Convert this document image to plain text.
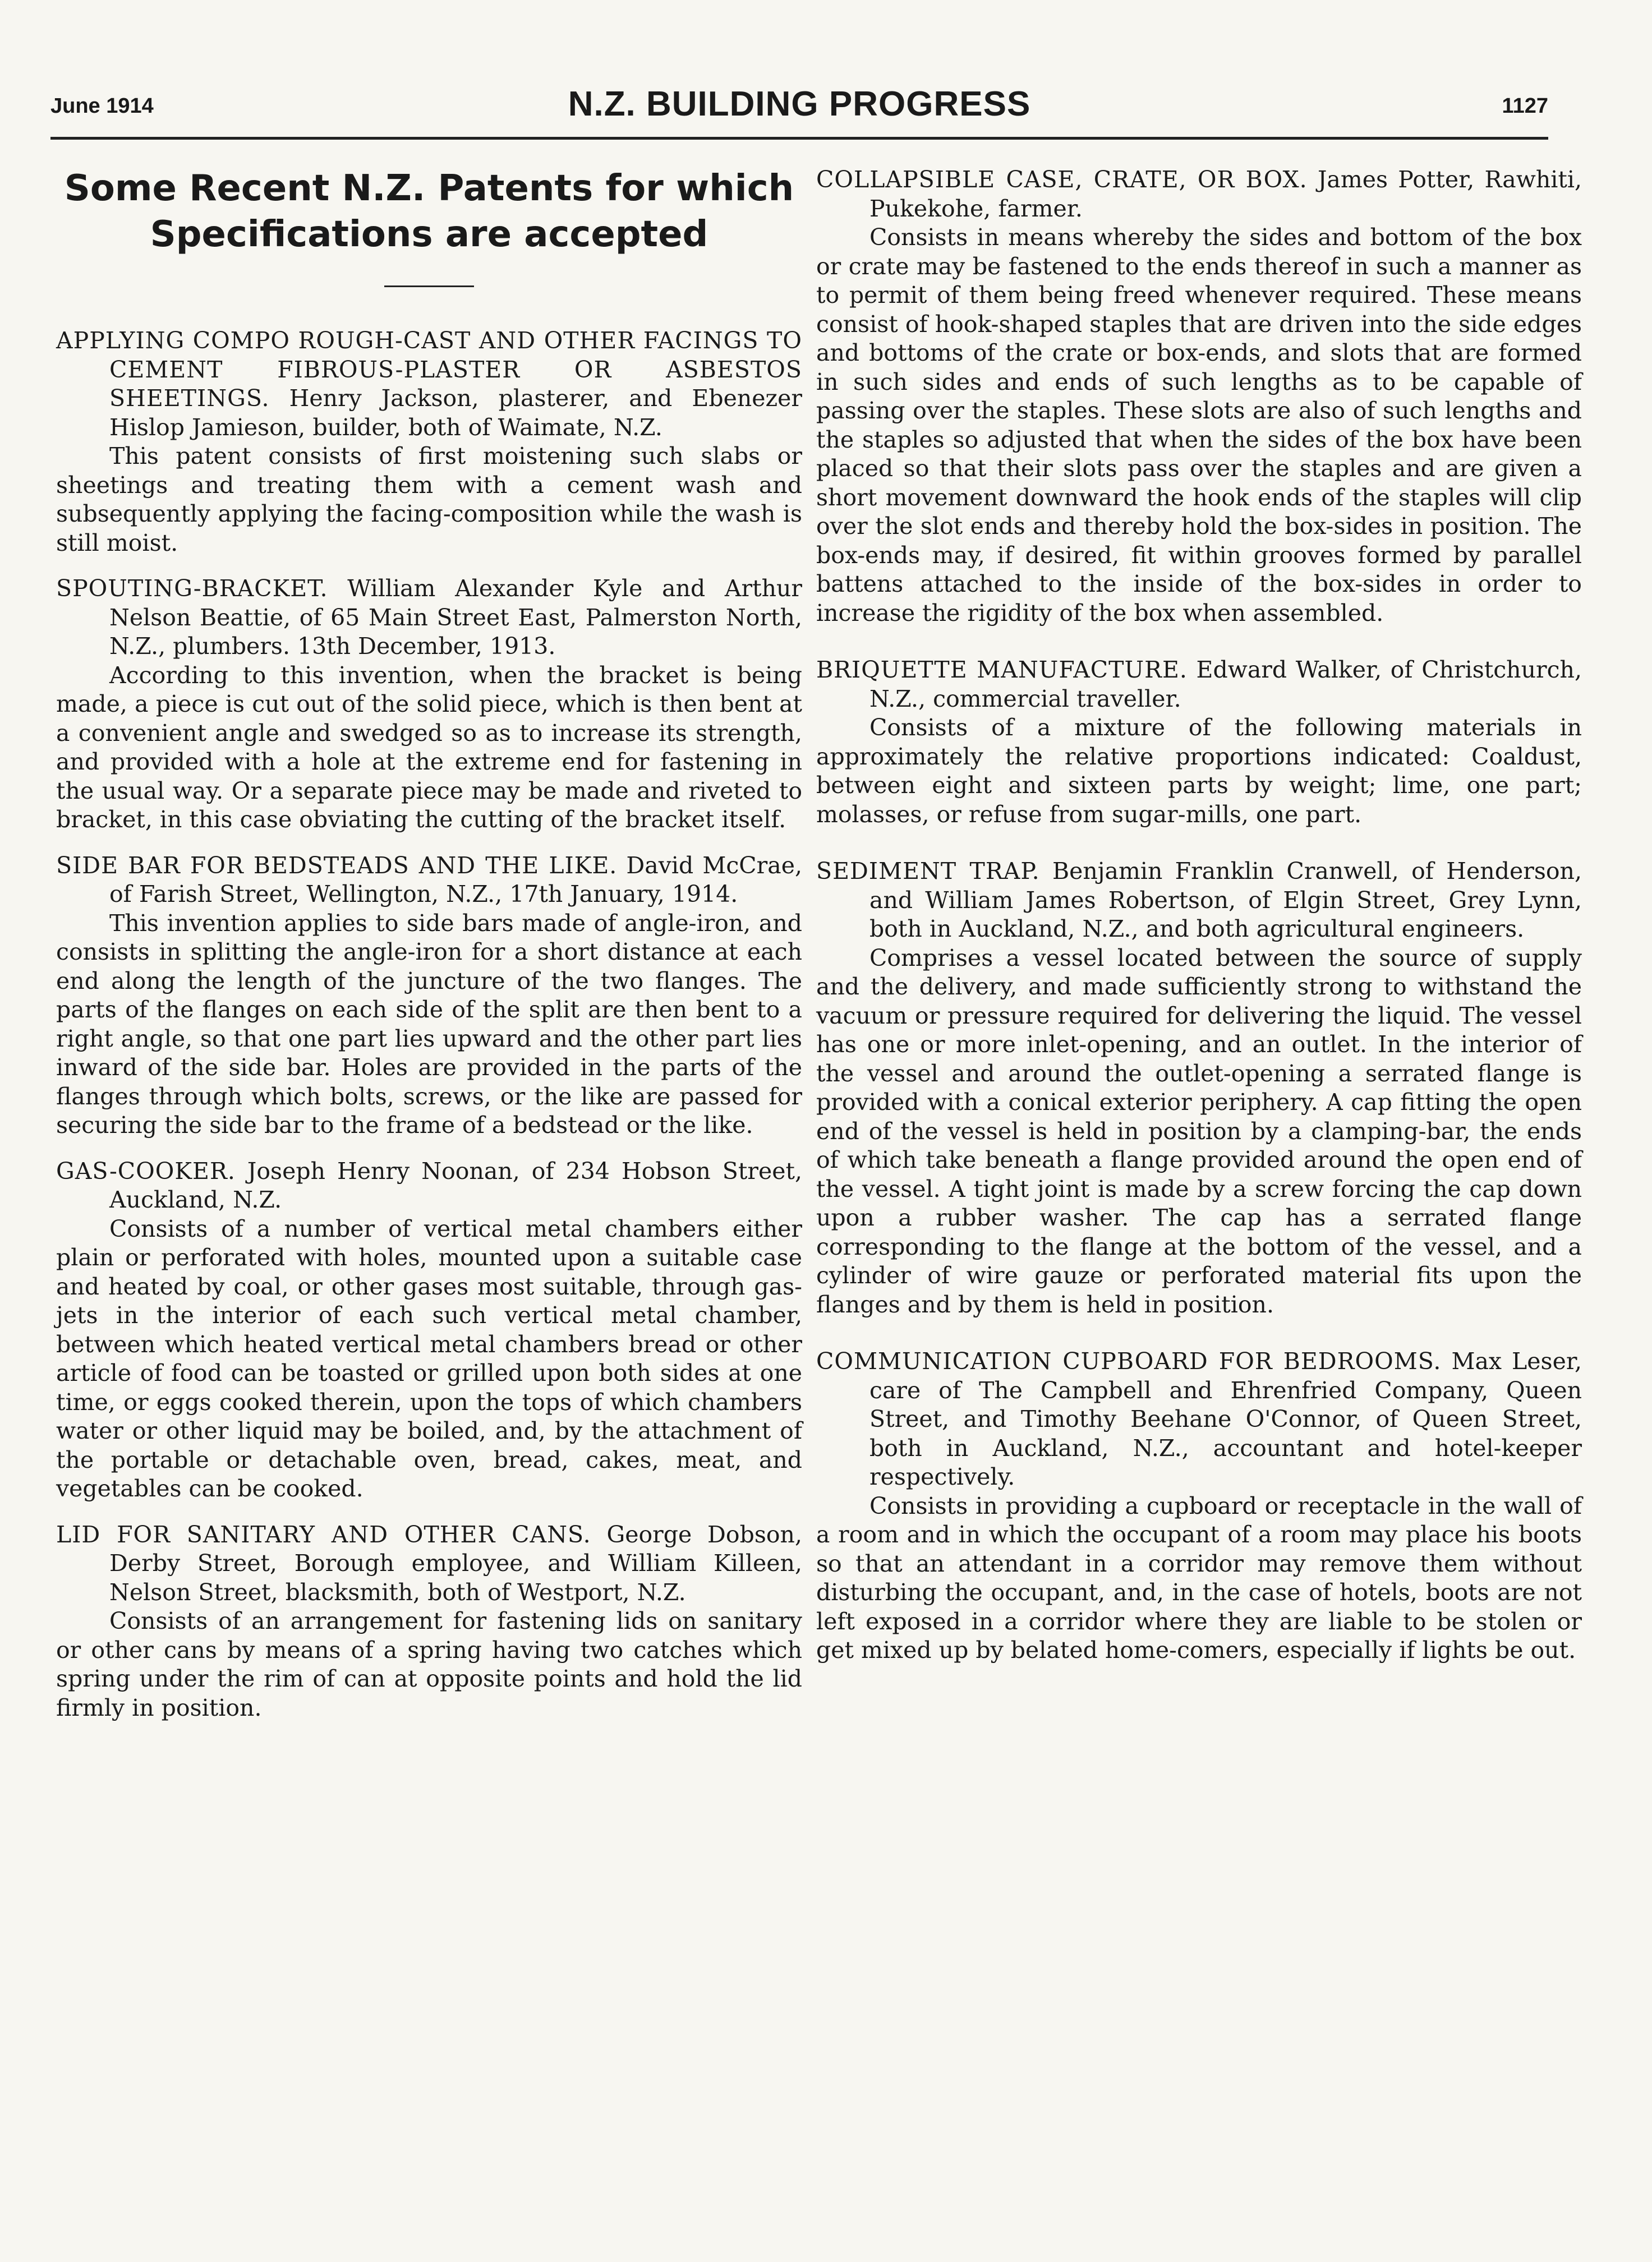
June 1914	N.Z. BUILDING PROGRESS	1127
Some Recent N.Z. Patents for which Specifications are accepted

APPLYING COMPO ROUGH-CAST AND OTHER FACINGS TO CEMENT FIBROUS-PLASTER OR ASBESTOS SHEETINGS. Henry Jackson, plasterer, and Ebenezer Hislop Jamieson, builder, both of Waimate, N.Z.

This patent consists of first moistening such slabs or sheetings and treating them with a cement wash and subsequently applying the facing-composition while the wash is still moist.

SPOUTING-BRACKET. William Alexander Kyle and Arthur Nelson Beattie, of 65 Main Street East, Palmerston North, N.Z., plumbers. 13th December, 1913.

According to this invention, when the bracket is being made, a piece is cut out of the solid piece, which is then bent at a convenient angle and swedged so as to increase its strength, and provided with a hole at the extreme end for fastening in the usual way. Or a separate piece may be made and riveted to bracket, in this case obviating the cutting of the bracket itself.

SIDE BAR FOR BEDSTEADS AND THE LIKE. David McCrae, of Farish Street, Wellington, N.Z., 17th January, 1914.

This invention applies to side bars made of angle-iron, and consists in splitting the angle-iron for a short distance at each end along the length of the juncture of the two flanges. The parts of the flanges on each side of the split are then bent to a right angle, so that one part lies upward and the other part lies inward of the side bar. Holes are provided in the parts of the flanges through which bolts, screws, or the like are passed for securing the side bar to the frame of a bedstead or the like.

GAS-COOKER. Joseph Henry Noonan, of 234 Hobson Street, Auckland, N.Z.

Consists of a number of vertical metal chambers either plain or perforated with holes, mounted upon a suitable case and heated by coal, or other gases most suitable, through gas-jets in the interior of each such vertical metal chamber, between which heated vertical metal chambers bread or other article of food can be toasted or grilled upon both sides at one time, or eggs cooked therein, upon the tops of which chambers water or other liquid may be boiled, and, by the attachment of the portable or detachable oven, bread, cakes, meat, and vegetables can be cooked.

LID FOR SANITARY AND OTHER CANS. George Dobson, Derby Street, Borough employee, and William Killeen, Nelson Street, blacksmith, both of Westport, N.Z.

Consists of an arrangement for fastening lids on sanitary or other cans by means of a spring having two catches which spring under the rim of can at opposite points and hold the lid firmly in position.

COLLAPSIBLE CASE, CRATE, OR BOX. James Potter, Rawhiti, Pukekohe, farmer.

Consists in means whereby the sides and bottom of the box or crate may be fastened to the ends thereof in such a manner as to permit of them being freed whenever required. These means consist of hook-shaped staples that are driven into the side edges and bottoms of the crate or box-ends, and slots that are formed in such sides and ends of such lengths as to be capable of passing over the staples. These slots are also of such lengths and the staples so adjusted that when the sides of the box have been placed so that their slots pass over the staples and are given a short movement downward the hook ends of the staples will clip over the slot ends and thereby hold the box-sides in position. The box-ends may, if desired, fit within grooves formed by parallel battens attached to the inside of the box-sides in order to increase the rigidity of the box when assembled.

BRIQUETTE MANUFACTURE. Edward Walker, of Christchurch, N.Z., commercial traveller.

Consists of a mixture of the following materials in approximately the relative proportions indicated: Coaldust, between eight and sixteen parts by weight; lime, one part; molasses, or refuse from sugar-mills, one part.

SEDIMENT TRAP. Benjamin Franklin Cranwell, of Henderson, and William James Robertson, of Elgin Street, Grey Lynn, both in Auckland, N.Z., and both agricultural engineers.

Comprises a vessel located between the source of supply and the delivery, and made sufficiently strong to withstand the vacuum or pressure required for delivering the liquid. The vessel has one or more inlet-opening, and an outlet. In the interior of the vessel and around the outlet-opening a serrated flange is provided with a conical exterior periphery. A cap fitting the open end of the vessel is held in position by a clamping-bar, the ends of which take beneath a flange provided around the open end of the vessel. A tight joint is made by a screw forcing the cap down upon a rubber washer. The cap has a serrated flange corresponding to the flange at the bottom of the vessel, and a cylinder of wire gauze or perforated material fits upon the flanges and by them is held in position.

COMMUNICATION CUPBOARD FOR BEDROOMS. Max Leser, care of The Campbell and Ehrenfried Company, Queen Street, and Timothy Beehane O'Connor, of Queen Street, both in Auckland, N.Z., accountant and hotel-keeper respectively.

Consists in providing a cupboard or receptacle in the wall of a room and in which the occupant of a room may place his boots so that an attendant in a corridor may remove them without disturbing the occupant, and, in the case of hotels, boots are not left exposed in a corridor where they are liable to be stolen or get mixed up by belated home-comers, especially if lights be out.
